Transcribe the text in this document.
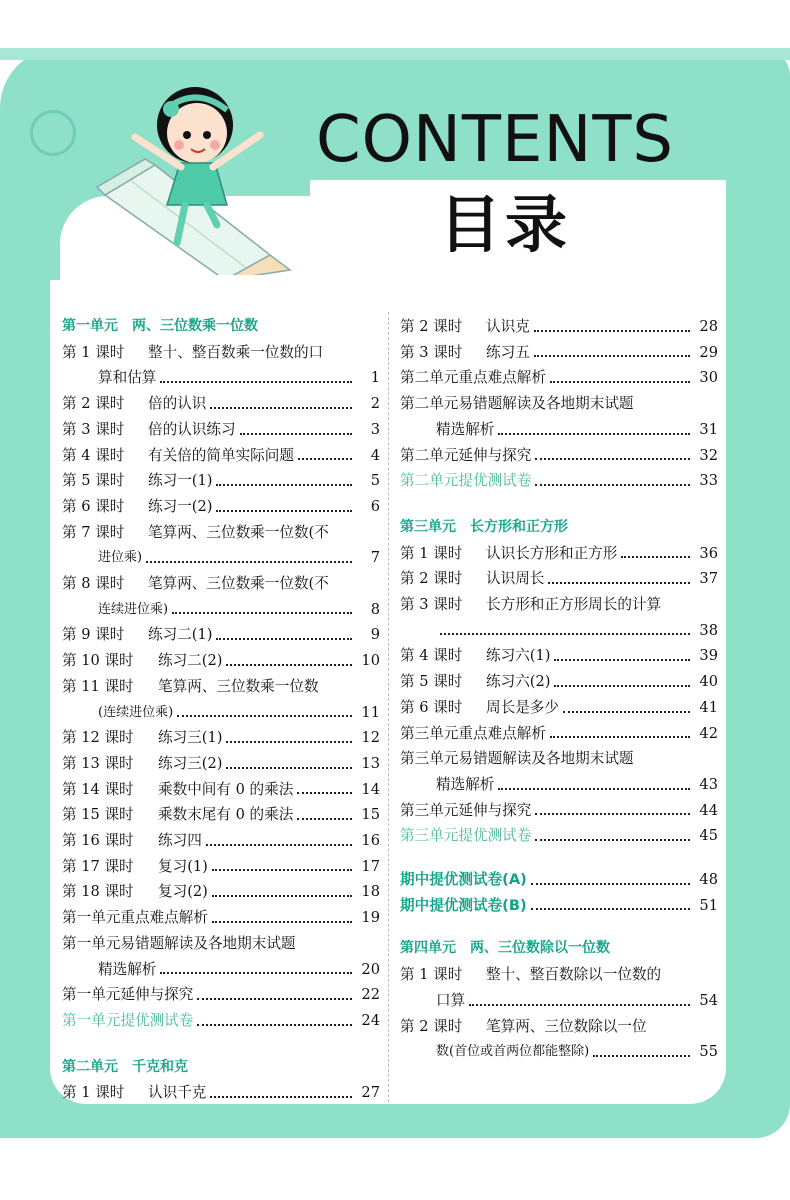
CONTENTS
目录
第一单元　两、三位数乘一位数
第 1 课时 整十、整百数乘一位数的口
算和估算	1
第 2 课时 倍的认识	2
第 3 课时 倍的认识练习	3
第 4 课时 有关倍的简单实际问题	4
第 5 课时 练习一(1)	5
第 6 课时 练习一(2)	6
第 7 课时 笔算两、三位数乘一位数(不
进位乘)	7
第 8 课时 笔算两、三位数乘一位数(不
连续进位乘)	8
第 9 课时 练习二(1)	9
第 10 课时 练习二(2)	10
第 11 课时 笔算两、三位数乘一位数
(连续进位乘)	11
第 12 课时 练习三(1)	12
第 13 课时 练习三(2)	13
第 14 课时 乘数中间有 0 的乘法	14
第 15 课时 乘数末尾有 0 的乘法	15
第 16 课时 练习四	16
第 17 课时 复习(1)	17
第 18 课时 复习(2)	18
第一单元重点难点解析	19
第一单元易错题解读及各地期末试题
精选解析	20
第一单元延伸与探究	22
第一单元提优测试卷	24
第二单元　千克和克
第 1 课时 认识千克	27
第 2 课时 认识克	28
第 3 课时 练习五	29
第二单元重点难点解析	30
第二单元易错题解读及各地期末试题
精选解析	31
第二单元延伸与探究	32
第二单元提优测试卷	33
第三单元　长方形和正方形
第 1 课时 认识长方形和正方形	36
第 2 课时 认识周长	37
第 3 课时 长方形和正方形周长的计算
38
第 4 课时 练习六(1)	39
第 5 课时 练习六(2)	40
第 6 课时 周长是多少	41
第三单元重点难点解析	42
第三单元易错题解读及各地期末试题
精选解析	43
第三单元延伸与探究	44
第三单元提优测试卷	45
期中提优测试卷(A)	48
期中提优测试卷(B)	51
第四单元　两、三位数除以一位数
第 1 课时 整十、整百数除以一位数的
口算	54
第 2 课时 笔算两、三位数除以一位
数(首位或首两位都能整除)	55
